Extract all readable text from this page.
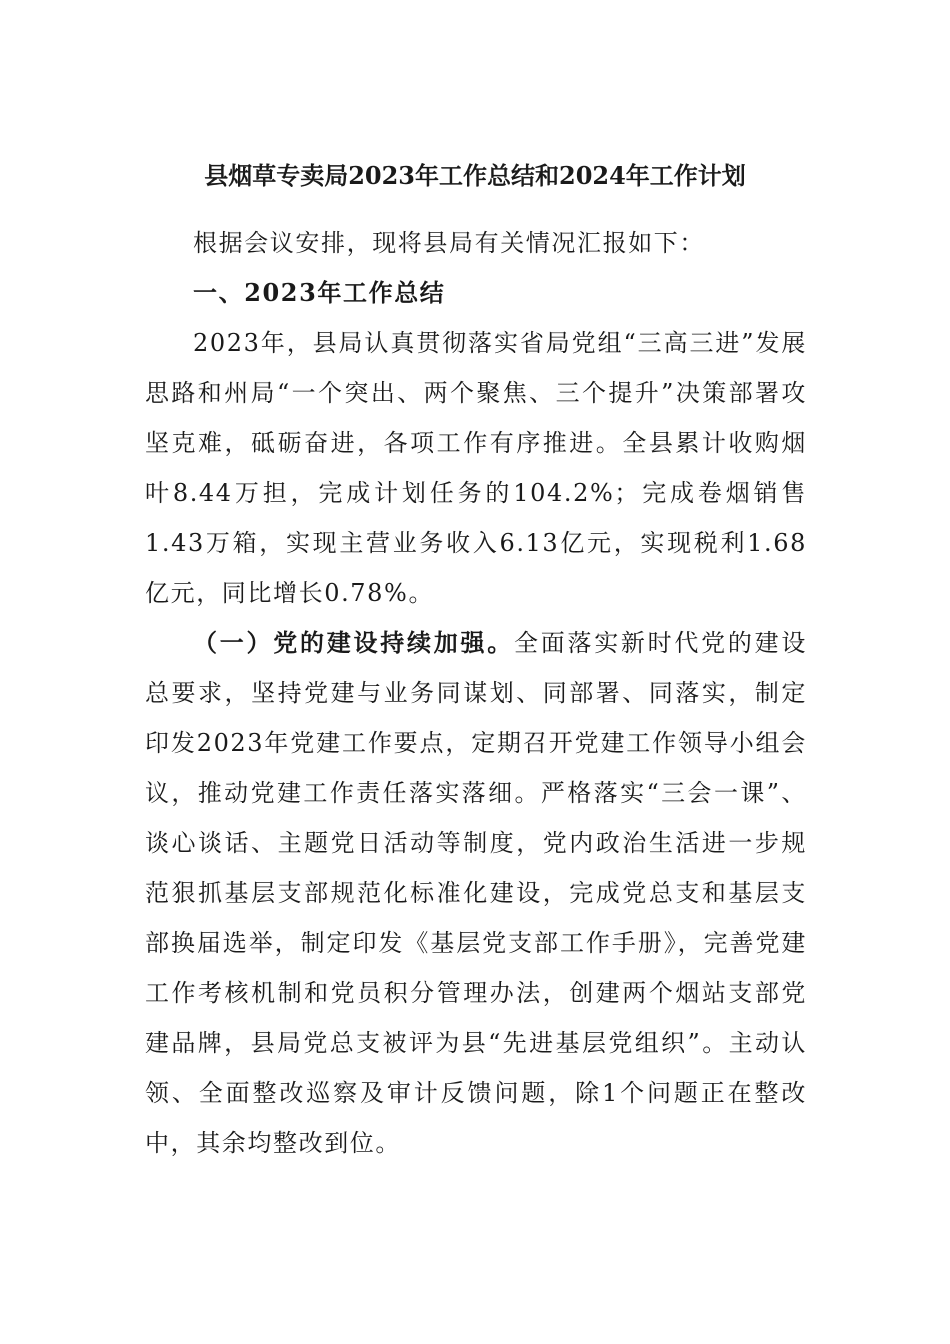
县烟草专卖局2023年工作总结和2024年工作计划

根据会议安排，现将县局有关情况汇报如下：

一、2023年工作总结

2023年，县局认真贯彻落实省局党组“三高三进”发展思路和州局“一个突出、两个聚焦、三个提升”决策部署攻坚克难，砥砺奋进，各项工作有序推进。全县累计收购烟叶8.44万担，完成计划任务的104.2%；完成卷烟销售1.43万箱，实现主营业务收入6.13亿元，实现税利1.68亿元，同比增长0.78%。

（一）党的建设持续加强。全面落实新时代党的建设总要求，坚持党建与业务同谋划、同部署、同落实，制定印发2023年党建工作要点，定期召开党建工作领导小组会议，推动党建工作责任落实落细。严格落实“三会一课”、谈心谈话、主题党日活动等制度，党内政治生活进一步规范狠抓基层支部规范化标准化建设，完成党总支和基层支部换届选举，制定印发《基层党支部工作手册》，完善党建工作考核机制和党员积分管理办法，创建两个烟站支部党建品牌，县局党总支被评为县“先进基层党组织”。主动认领、全面整改巡察及审计反馈问题，除1个问题正在整改中，其余均整改到位。
